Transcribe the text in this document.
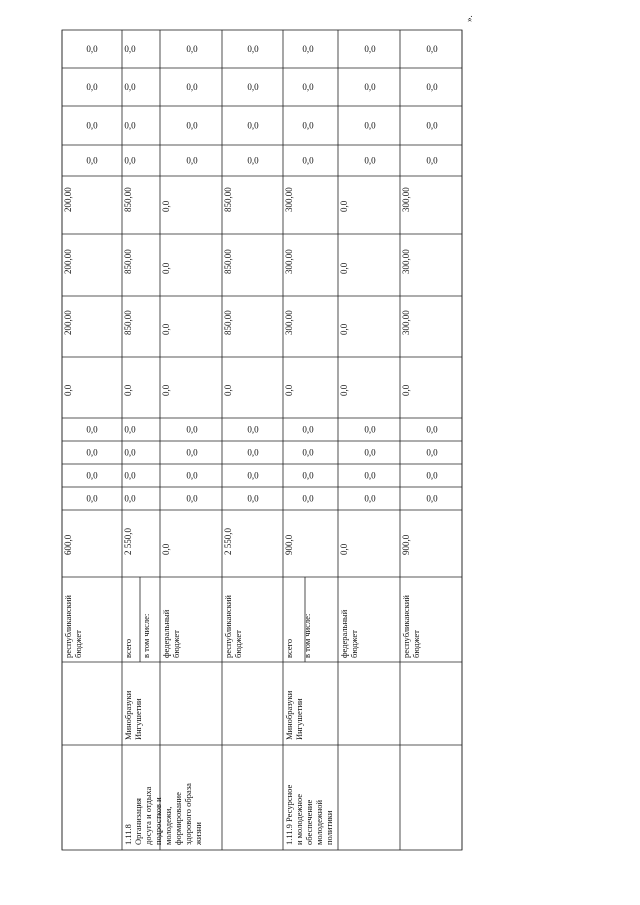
республиканский бюджет
600,0
0,0
0,0
0,0
0,0
0,0
200,00
200,00
200,00
0,0
0,0
0,0
0,0
1.11.8 Организация досуга и отдыха подростков и молодежи, формирование здорового образа жизни
Минобразуки Ингушетии
всего в том числе:
2 550,0
0,0
0,0
0,0
0,0
0,0
850,00
850,00
850,00
0,0
0,0
0,0
0,0
федеральный бюджет
0,0
0,0
0,0
0,0
0,0
0,0
0,0
0,0
0,0
0,0
0,0
0,0
0,0
республиканский бюджет
2 550,0
0,0
0,0
0,0
0,0
0,0
850,00
850,00
850,00
0,0
0,0
0,0
0,0
1.11.9 Ресурсное и молодежное обеспечение молодежной политики
Минобразуки Ингушетии
всего в том числе:
900,0
0,0
0,0
0,0
0,0
0,0
300,00
300,00
300,00
0,0
0,0
0,0
0,0
федеральный бюджет
0,0
0,0
0,0
0,0
0,0
0,0
0,0
0,0
0,0
0,0
0,0
0,0
0,0
республиканский бюджет
900,0
0,0
0,0
0,0
0,0
0,0
300,00
300,00
300,00
0,0
0,0
0,0
0,0
».
